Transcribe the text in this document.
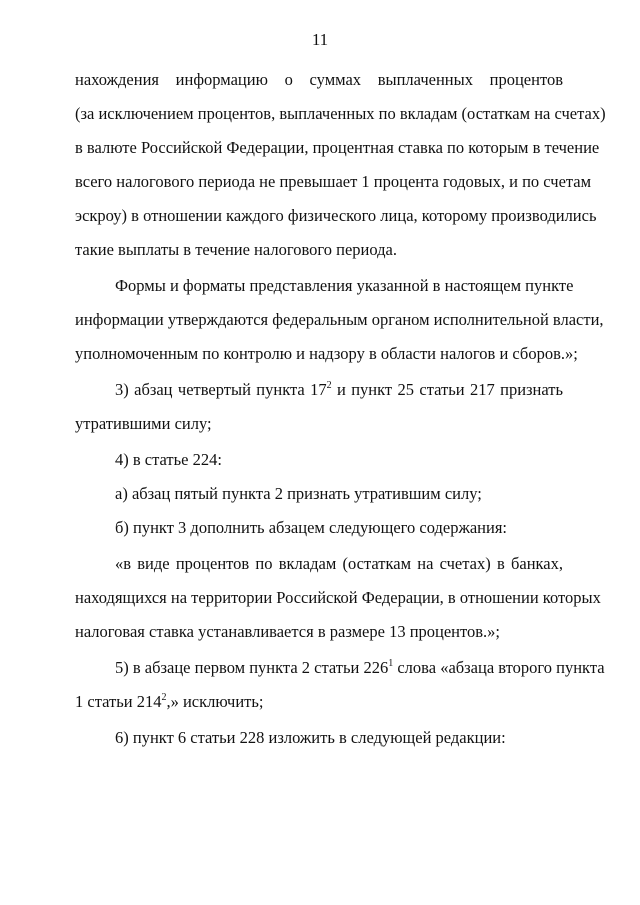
11
нахождения информацию о суммах выплаченных процентов
(за исключением процентов, выплаченных по вкладам (остаткам на счетах)
в валюте Российской Федерации, процентная ставка по которым в течение
всего налогового периода не превышает 1 процента годовых, и по счетам
эскроу) в отношении каждого физического лица, которому производились
такие выплаты в течение налогового периода.
Формы и форматы представления указанной в настоящем пункте
информации утверждаются федеральным органом исполнительной власти,
уполномоченным по контролю и надзору в области налогов и сборов.»;
3) абзац четвертый пункта $17^2$ и пункт 25 статьи 217 признать
утратившими силу;
4) в статье 224:
а) абзац пятый пункта 2 признать утратившим силу;
б) пункт 3 дополнить абзацем следующего содержания:
«в виде процентов по вкладам (остаткам на счетах) в банках,
находящихся на территории Российской Федерации, в отношении которых
налоговая ставка устанавливается в размере 13 процентов.»;
5) в абзаце первом пункта 2 статьи $226^1$ слова «абзаца второго пункта
1 статьи $214^2$,» исключить;
6) пункт 6 статьи 228 изложить в следующей редакции:
